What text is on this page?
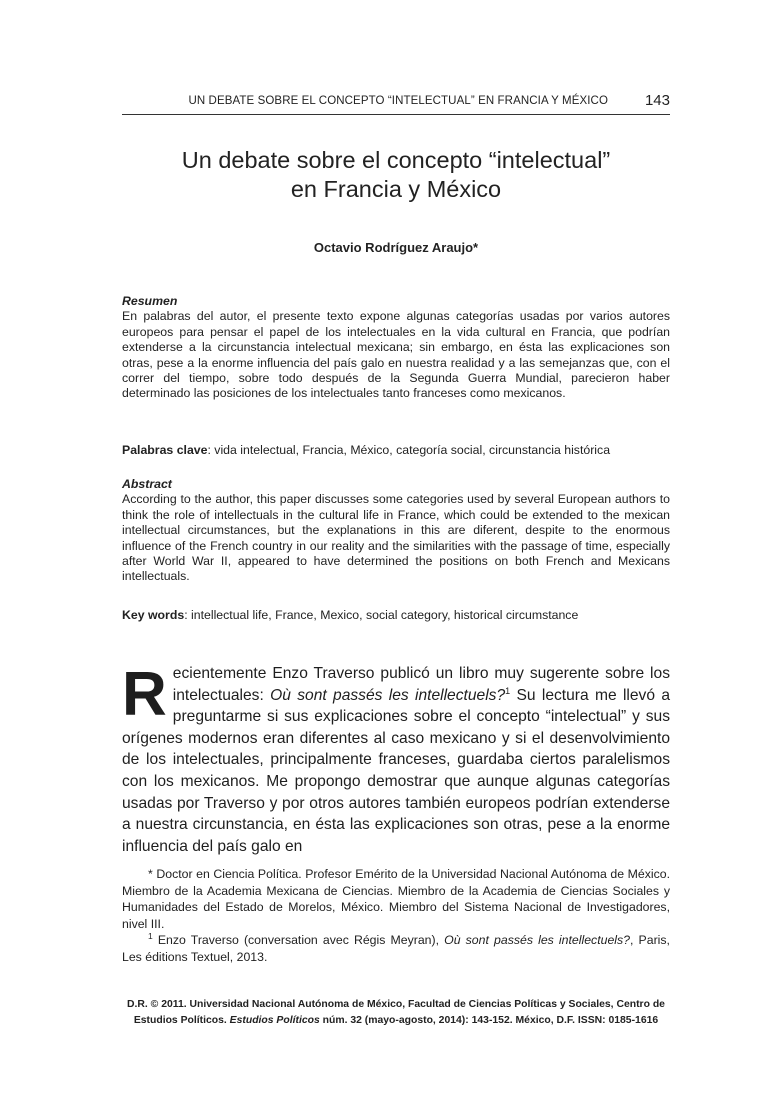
UN DEBATE SOBRE EL CONCEPTO “INTELECTUAL” EN FRANCIA Y MÉXICO 143
Un debate sobre el concepto “intelectual”
en Francia y México
Octavio Rodríguez Araujo*
Resumen
En palabras del autor, el presente texto expone algunas categorías usadas por varios autores europeos para pensar el papel de los intelectuales en la vida cultural en Francia, que podrían extenderse a la circunstancia intelectual mexicana; sin embargo, en ésta las explicaciones son otras, pese a la enorme influencia del país galo en nuestra realidad y a las semejanzas que, con el correr del tiempo, sobre todo después de la Segunda Guerra Mundial, parecieron haber determinado las posiciones de los intelectuales tanto franceses como mexicanos.
Palabras clave: vida intelectual, Francia, México, categoría social, circunstancia histórica
Abstract
According to the author, this paper discusses some categories used by several European authors to think the role of intellectuals in the cultural life in France, which could be extended to the mexican intellectual circumstances, but the explanations in this are diferent, despite to the enormous influence of the French country in our reality and the similarities with the passage of time, especially after World War II, appeared to have determined the positions on both French and Mexicans intellectuals.
Key words: intellectual life, France, Mexico, social category, historical circumstance
Recientemente Enzo Traverso publicó un libro muy sugerente sobre los intelectuales: Où sont passés les intellectuels?$^1$ Su lectura me llevó a preguntarme si sus explicaciones sobre el concepto “intelectual” y sus orígenes modernos eran diferentes al caso mexicano y si el desenvolvimiento de los intelectuales, principalmente franceses, guardaba ciertos paralelismos con los mexicanos. Me propongo demostrar que aunque algunas categorías usadas por Traverso y por otros autores también europeos podrían extenderse a nuestra circunstancia, en ésta las explicaciones son otras, pese a la enorme influencia del país galo en

* Doctor en Ciencia Política. Profesor Emérito de la Universidad Nacional Autónoma de México. Miembro de la Academia Mexicana de Ciencias. Miembro de la Academia de Ciencias Sociales y Humanidades del Estado de Morelos, México. Miembro del Sistema Nacional de Investigadores, nivel III.

$^1$ Enzo Traverso (conversation avec Régis Meyran), Où sont passés les intellectuels?, Paris, Les éditions Textuel, 2013.

D.R. © 2011. Universidad Nacional Autónoma de México, Facultad de Ciencias Políticas y Sociales, Centro de Estudios Políticos. Estudios Políticos núm. 32 (mayo-agosto, 2014): 143-152. México, D.F. ISSN: 0185-1616
